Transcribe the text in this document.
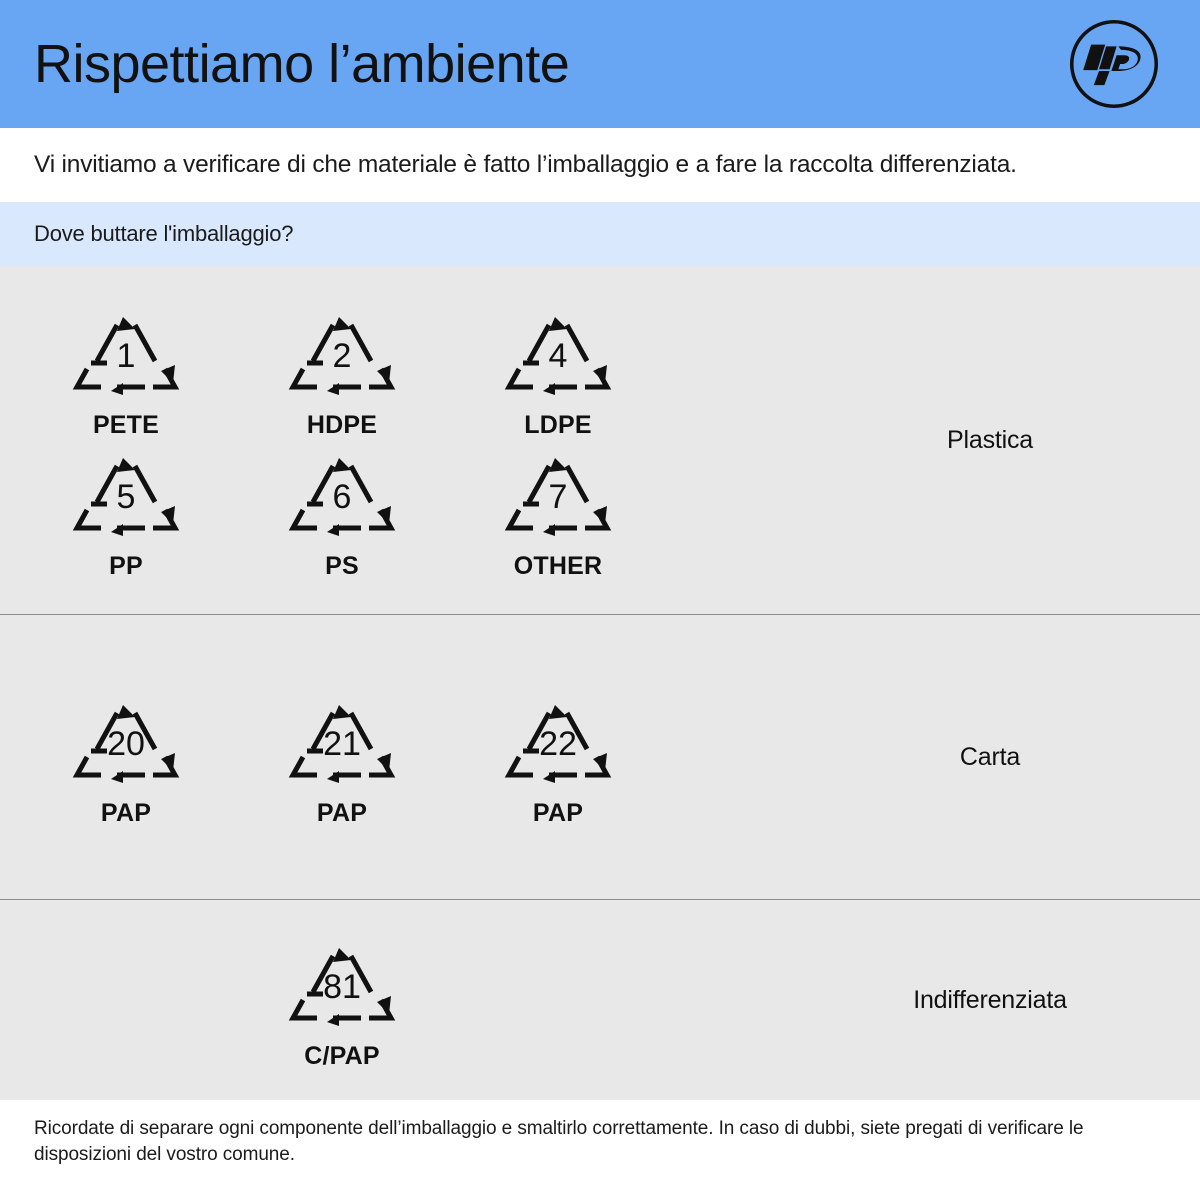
Rispettiamo l’ambiente
Vi invitiamo a verificare di che materiale è fatto l’imballaggio e a fare la raccolta differenziata.
Dove buttare l'imballaggio?
1
PETE
2
HDPE
4
LDPE
5
PP
6
PS
7
OTHER
Plastica
20
PAP
21
PAP
22
PAP
Carta
81
C/PAP
Indifferenziata
Ricordate di separare ogni componente dell’imballaggio e smaltirlo correttamente. In caso di dubbi, siete pregati di verificare le disposizioni del vostro comune.
